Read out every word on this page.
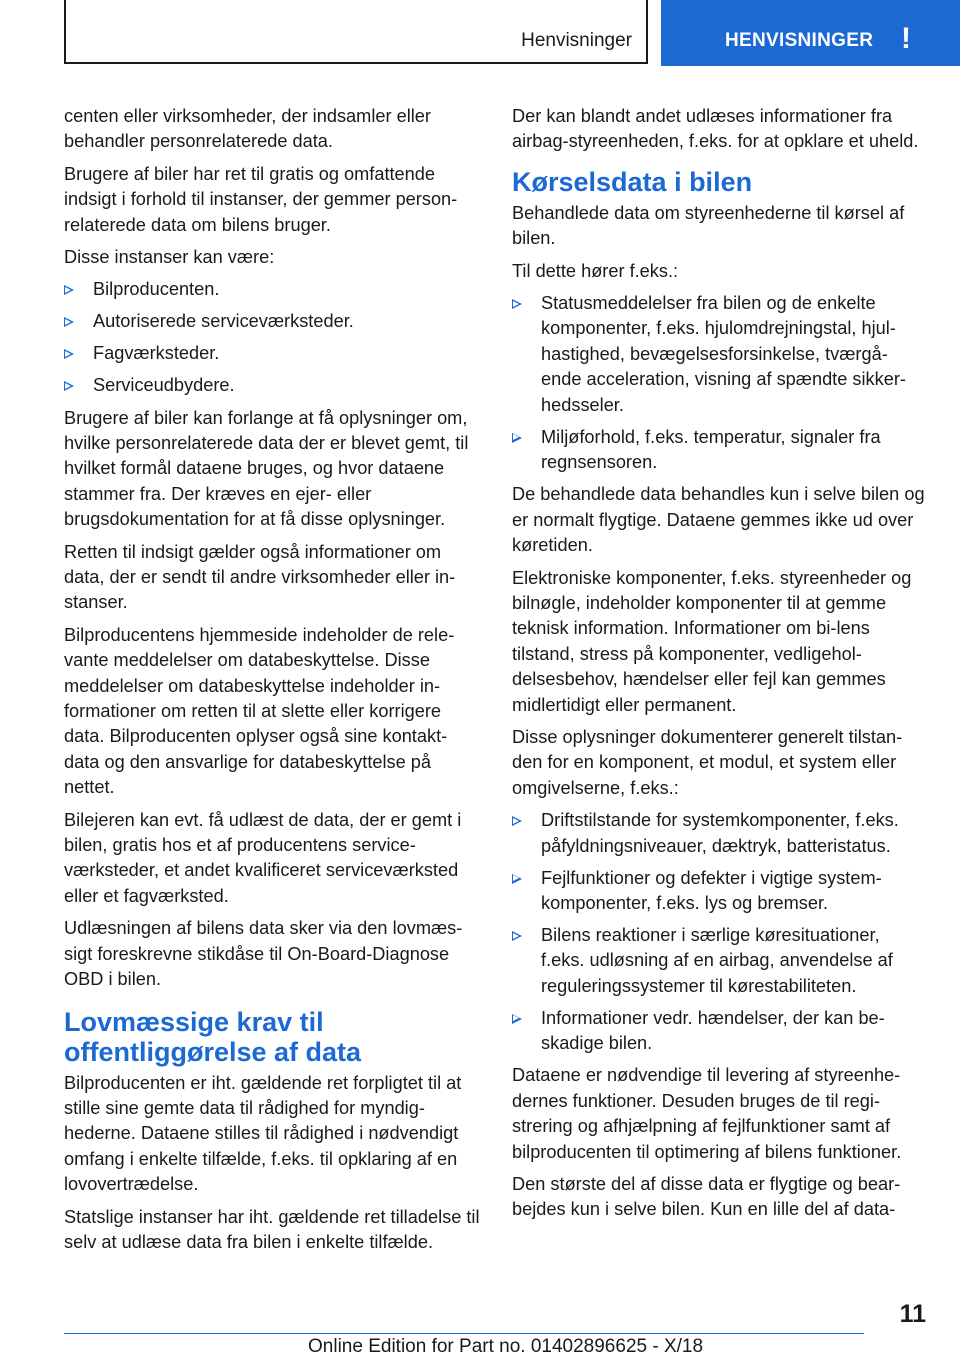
Henvisninger	HENVISNINGER !

centen eller virksomheder, der indsamler eller behandler personrelaterede data.

Brugere af biler har ret til gratis og omfattende indsigt i forhold til instanser, der gemmer person-relaterede data om bilens bruger.

Disse instanser kan være:

Bilproducenten.
Autoriserede serviceværksteder.
Fagværksteder.
Serviceudbydere.

Brugere af biler kan forlange at få oplysninger om, hvilke personrelaterede data der er blevet gemt, til hvilket formål dataene bruges, og hvor dataene stammer fra. Der kræves en ejer- eller brugsdokumentation for at få disse oplysninger.

Retten til indsigt gælder også informationer om data, der er sendt til andre virksomheder eller in-stanser.

Bilproducentens hjemmeside indeholder de rele-vante meddelelser om databeskyttelse. Disse meddelelser om databeskyttelse indeholder in-formationer om retten til at slette eller korrigere data. Bilproducenten oplyser også sine kontakt-data og den ansvarlige for databeskyttelse på nettet.

Bilejeren kan evt. få udlæst de data, der er gemt i bilen, gratis hos et af producentens service-værksteder, et andet kvalificeret serviceværksted eller et fagværksted.

Udlæsningen af bilens data sker via den lovmæs-sigt foreskrevne stikdåse til On-Board-Diagnose OBD i bilen.

Lovmæssige krav til offentliggørelse af data

Bilproducenten er iht. gældende ret forpligtet til at stille sine gemte data til rådighed for myndig-hederne. Dataene stilles til rådighed i nødvendigt omfang i enkelte tilfælde, f.eks. til opklaring af en lovovertrædelse.

Statslige instanser har iht. gældende ret tilladelse til selv at udlæse data fra bilen i enkelte tilfælde.

Der kan blandt andet udlæses informationer fra airbag-styreenheden, f.eks. for at opklare et uheld.

Kørselsdata i bilen

Behandlede data om styreenhederne til kørsel af bilen.

Til dette hører f.eks.:

Statusmeddelelser fra bilen og de enkelte komponenter, f.eks. hjulomdrejningstal, hjul-hastighed, bevægelsesforsinkelse, tværgå-ende acceleration, visning af spændte sikker-hedsseler.
Miljøforhold, f.eks. temperatur, signaler fra regnsensoren.

De behandlede data behandles kun i selve bilen og er normalt flygtige. Dataene gemmes ikke ud over køretiden.

Elektroniske komponenter, f.eks. styreenheder og bilnøgle, indeholder komponenter til at gemme teknisk information. Informationer om bi-lens tilstand, stress på komponenter, vedligehol-delsesbehov, hændelser eller fejl kan gemmes midlertidigt eller permanent.

Disse oplysninger dokumenterer generelt tilstan-den for en komponent, et modul, et system eller omgivelserne, f.eks.:

Driftstilstande for systemkomponenter, f.eks. påfyldningsniveauer, dæktryk, batteristatus.
Fejlfunktioner og defekter i vigtige system-komponenter, f.eks. lys og bremser.
Bilens reaktioner i særlige køresituationer, f.eks. udløsning af en airbag, anvendelse af reguleringssystemer til kørestabiliteten.
Informationer vedr. hændelser, der kan be-skadige bilen.

Dataene er nødvendige til levering af styreenhe-dernes funktioner. Desuden bruges de til regi-strering og afhjælpning af fejlfunktioner samt af bilproducenten til optimering af bilens funktioner.

Den største del af disse data er flygtige og bear-bejdes kun i selve bilen. Kun en lille del af data-

11
Online Edition for Part no. 01402896625 - X/18
